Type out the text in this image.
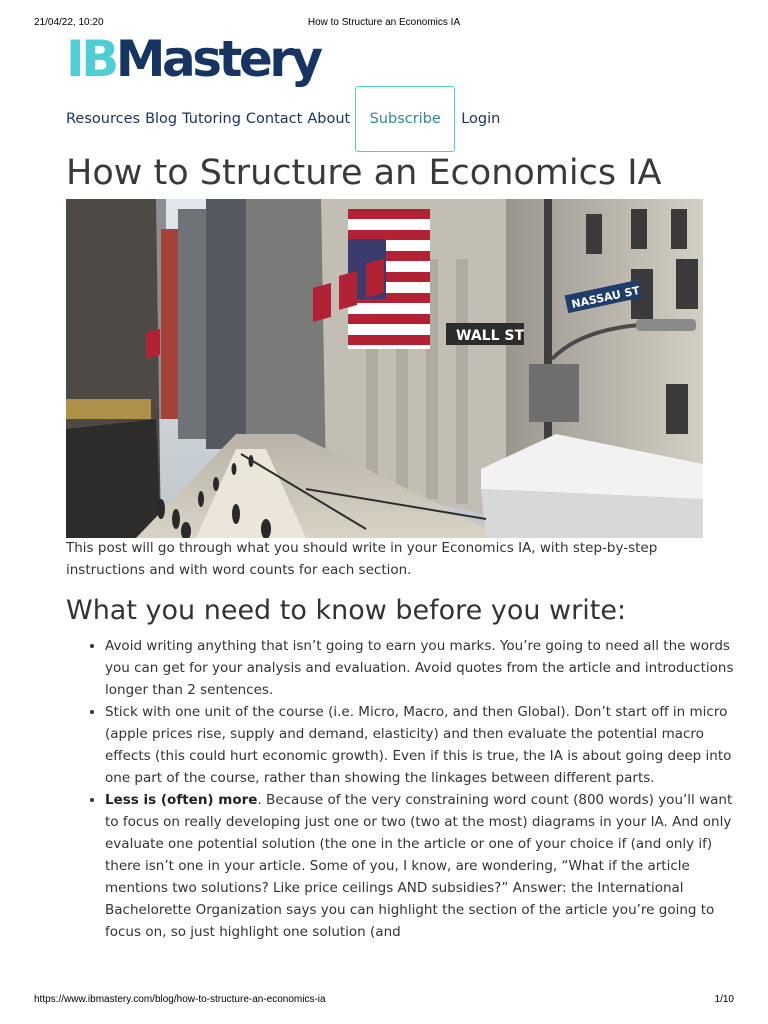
21/04/22, 10:20	How to Structure an Economics IA
IBMastery
Resources Blog Tutoring Contact About	Subscribe	Login
How to Structure an Economics IA
WALL ST
NASSAU ST

This post will go through what you should write in your Economics IA, with step-by-step instructions and with word counts for each section.

What you need to know before you write:
• Avoid writing anything that isn’t going to earn you marks. You’re going to need all the words you can get for your analysis and evaluation. Avoid quotes from the article and introductions longer than 2 sentences.
• Stick with one unit of the course (i.e. Micro, Macro, and then Global). Don’t start off in micro (apple prices rise, supply and demand, elasticity) and then evaluate the potential macro effects (this could hurt economic growth). Even if this is true, the IA is about going deep into one part of the course, rather than showing the linkages between different parts.
• Less is (often) more. Because of the very constraining word count (800 words) you’ll want to focus on really developing just one or two (two at the most) diagrams in your IA. And only evaluate one potential solution (the one in the article or one of your choice if (and only if) there isn’t one in your article. Some of you, I know, are wondering, “What if the article mentions two solutions? Like price ceilings AND subsidies?” Answer: the International Bachelorette Organization says you can highlight the section of the article you’re going to focus on, so just highlight one solution (and
https://www.ibmastery.com/blog/how-to-structure-an-economics-ia	1/10
